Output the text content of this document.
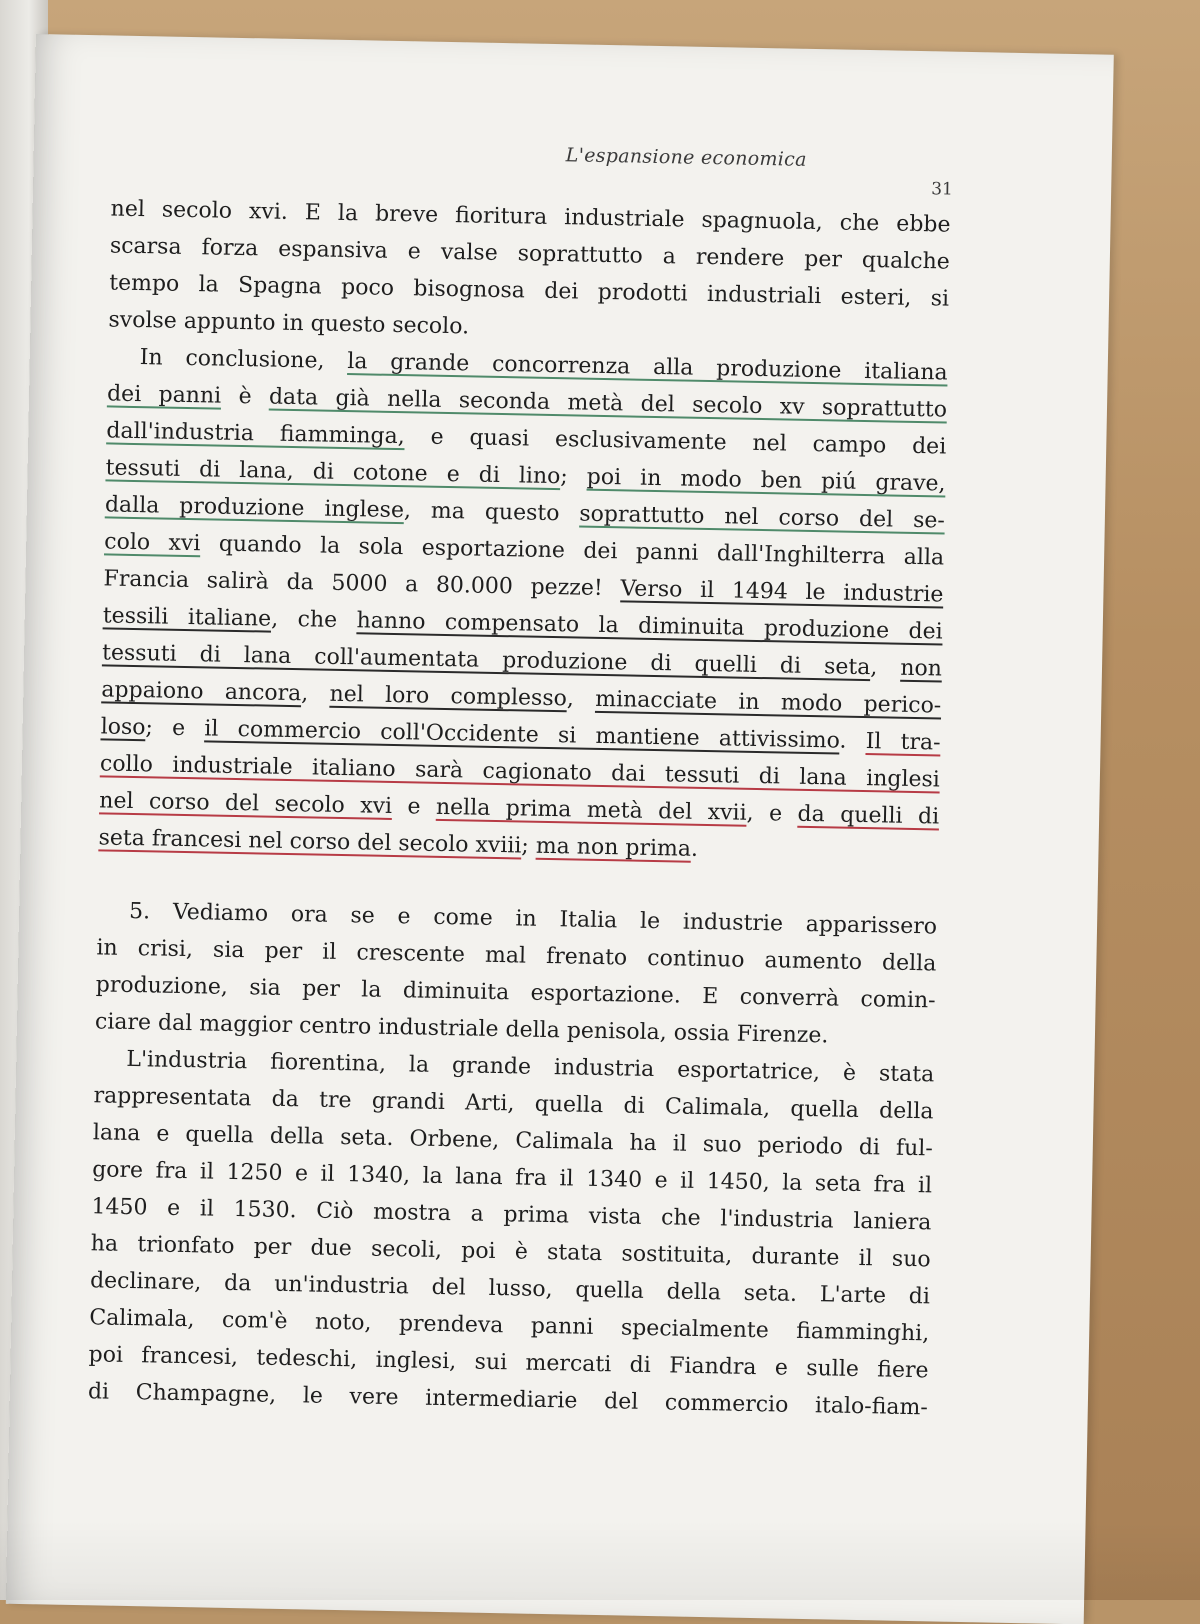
L'espansione economica
31
nel secolo xvi. E la breve fioritura industriale spagnuola, che ebbe
scarsa forza espansiva e valse soprattutto a rendere per qualche
tempo la Spagna poco bisognosa dei prodotti industriali esteri, si
svolse appunto in questo secolo.
In conclusione, la grande concorrenza alla produzione italiana
dei panni è data già nella seconda metà del secolo xv soprattutto
dall'industria fiamminga, e quasi esclusivamente nel campo dei
tessuti di lana, di cotone e di lino; poi in modo ben piú grave,
dalla produzione inglese, ma questo soprattutto nel corso del se-
colo xvi quando la sola esportazione dei panni dall'Inghilterra alla
Francia salirà da 5000 a 80.000 pezze! Verso il 1494 le industrie
tessili italiane, che hanno compensato la diminuita produzione dei
tessuti di lana coll'aumentata produzione di quelli di seta, non
appaiono ancora, nel loro complesso, minacciate in modo perico-
loso; e il commercio coll'Occidente si mantiene attivissimo. Il tra-
collo industriale italiano sarà cagionato dai tessuti di lana inglesi
nel corso del secolo xvi e nella prima metà del xvii, e da quelli di
seta francesi nel corso del secolo xviii; ma non prima.
5. Vediamo ora se e come in Italia le industrie apparissero
in crisi, sia per il crescente mal frenato continuo aumento della
produzione, sia per la diminuita esportazione. E converrà comin-
ciare dal maggior centro industriale della penisola, ossia Firenze.
L'industria fiorentina, la grande industria esportatrice, è stata
rappresentata da tre grandi Arti, quella di Calimala, quella della
lana e quella della seta. Orbene, Calimala ha il suo periodo di ful-
gore fra il 1250 e il 1340, la lana fra il 1340 e il 1450, la seta fra il
1450 e il 1530. Ciò mostra a prima vista che l'industria laniera
ha trionfato per due secoli, poi è stata sostituita, durante il suo
declinare, da un'industria del lusso, quella della seta. L'arte di
Calimala, com'è noto, prendeva panni specialmente fiamminghi,
poi francesi, tedeschi, inglesi, sui mercati di Fiandra e sulle fiere
di Champagne, le vere intermediarie del commercio italo-fiam-
